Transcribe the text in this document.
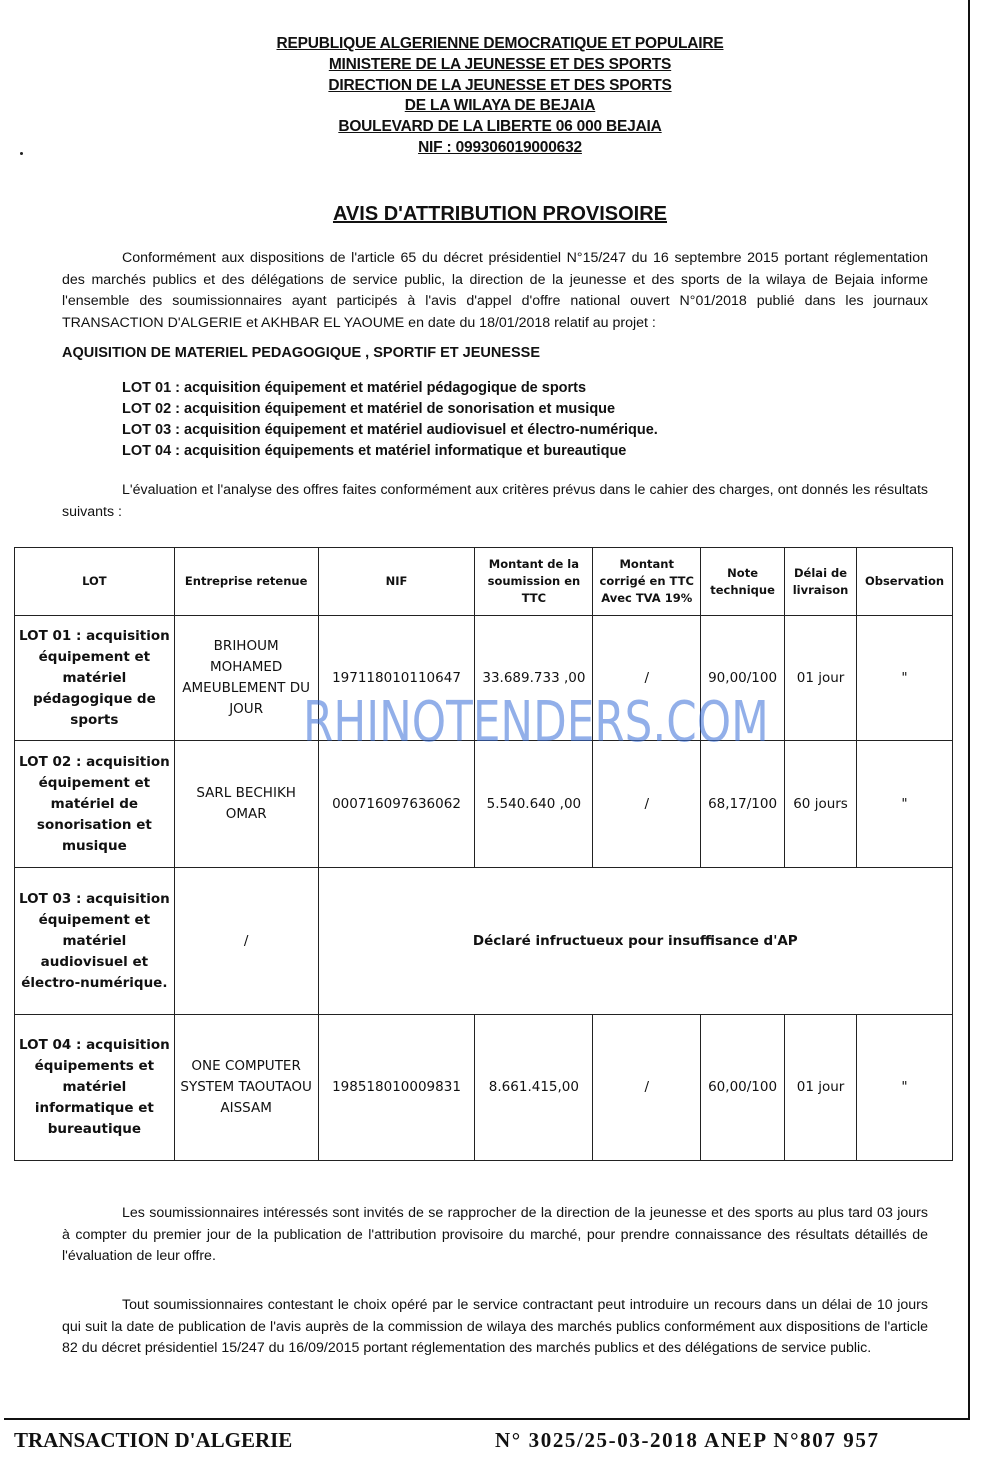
REPUBLIQUE ALGERIENNE DEMOCRATIQUE ET POPULAIRE
MINISTERE DE LA JEUNESSE ET DES SPORTS
DIRECTION DE LA JEUNESSE ET DES SPORTS
DE LA WILAYA DE BEJAIA
BOULEVARD DE LA LIBERTE 06 000 BEJAIA
NIF : 099306019000632
AVIS D'ATTRIBUTION PROVISOIRE
Conformément aux dispositions de l'article 65 du décret présidentiel N°15/247 du 16 septembre 2015 portant réglementation des marchés publics et des délégations de service public, la direction de la jeunesse et des sports de la wilaya de Bejaia informe l'ensemble des soumissionnaires ayant participés à l'avis d'appel d'offre national ouvert N°01/2018 publié dans les journaux TRANSACTION D'ALGERIE et AKHBAR EL YAOUME en date du 18/01/2018 relatif au projet :
AQUISITION DE MATERIEL PEDAGOGIQUE , SPORTIF ET JEUNESSE
LOT 01 : acquisition équipement et matériel pédagogique de sports
LOT 02 : acquisition équipement et matériel de sonorisation et musique
LOT 03 : acquisition équipement et matériel audiovisuel et électro-numérique.
LOT 04 : acquisition équipements et matériel informatique et bureautique
L'évaluation et l'analyse des offres faites conformément aux critères prévus dans le cahier des charges, ont donnés les résultats suivants :
LOT	Entreprise retenue	NIF	Montant de la soumission en TTC	Montant corrigé en TTC Avec TVA 19%	Note technique	Délai de livraison	Observation
LOT 01 : acquisition équipement et matériel pédagogique de sports	BRIHOUM MOHAMED AMEUBLEMENT DU JOUR	197118010110647	33.689.733 ,00	/	90,00/100	01 jour	"
LOT 02 : acquisition équipement et matériel de sonorisation et musique	SARL BECHIKH OMAR	000716097636062	5.540.640 ,00	/	68,17/100	60 jours	"
LOT 03 : acquisition équipement et matériel audiovisuel et électro-numérique.	/	Déclaré infructueux pour insuffisance d'AP					
LOT 04 : acquisition équipements et matériel informatique et bureautique	ONE COMPUTER SYSTEM TAOUTAOU AISSAM	198518010009831	8.661.415,00	/	60,00/100	01 jour	"
RHINOTENDERS.COM
Les soumissionnaires intéressés sont invités de se rapprocher de la direction de la jeunesse et des sports au plus tard 03 jours à compter du premier jour de la publication de l'attribution provisoire du marché, pour prendre connaissance des résultats détaillés de l'évaluation de leur offre.
Tout soumissionnaires contestant le choix opéré par le service contractant peut introduire un recours dans un délai de 10 jours qui suit la date de publication de l'avis auprès de la commission de wilaya des marchés publics conformément aux dispositions de l'article 82 du décret présidentiel 15/247 du 16/09/2015 portant réglementation des marchés publics et des délégations de service public.
TRANSACTION D'ALGERIE	N° 3025/25-03-2018 ANEP N°807 957
